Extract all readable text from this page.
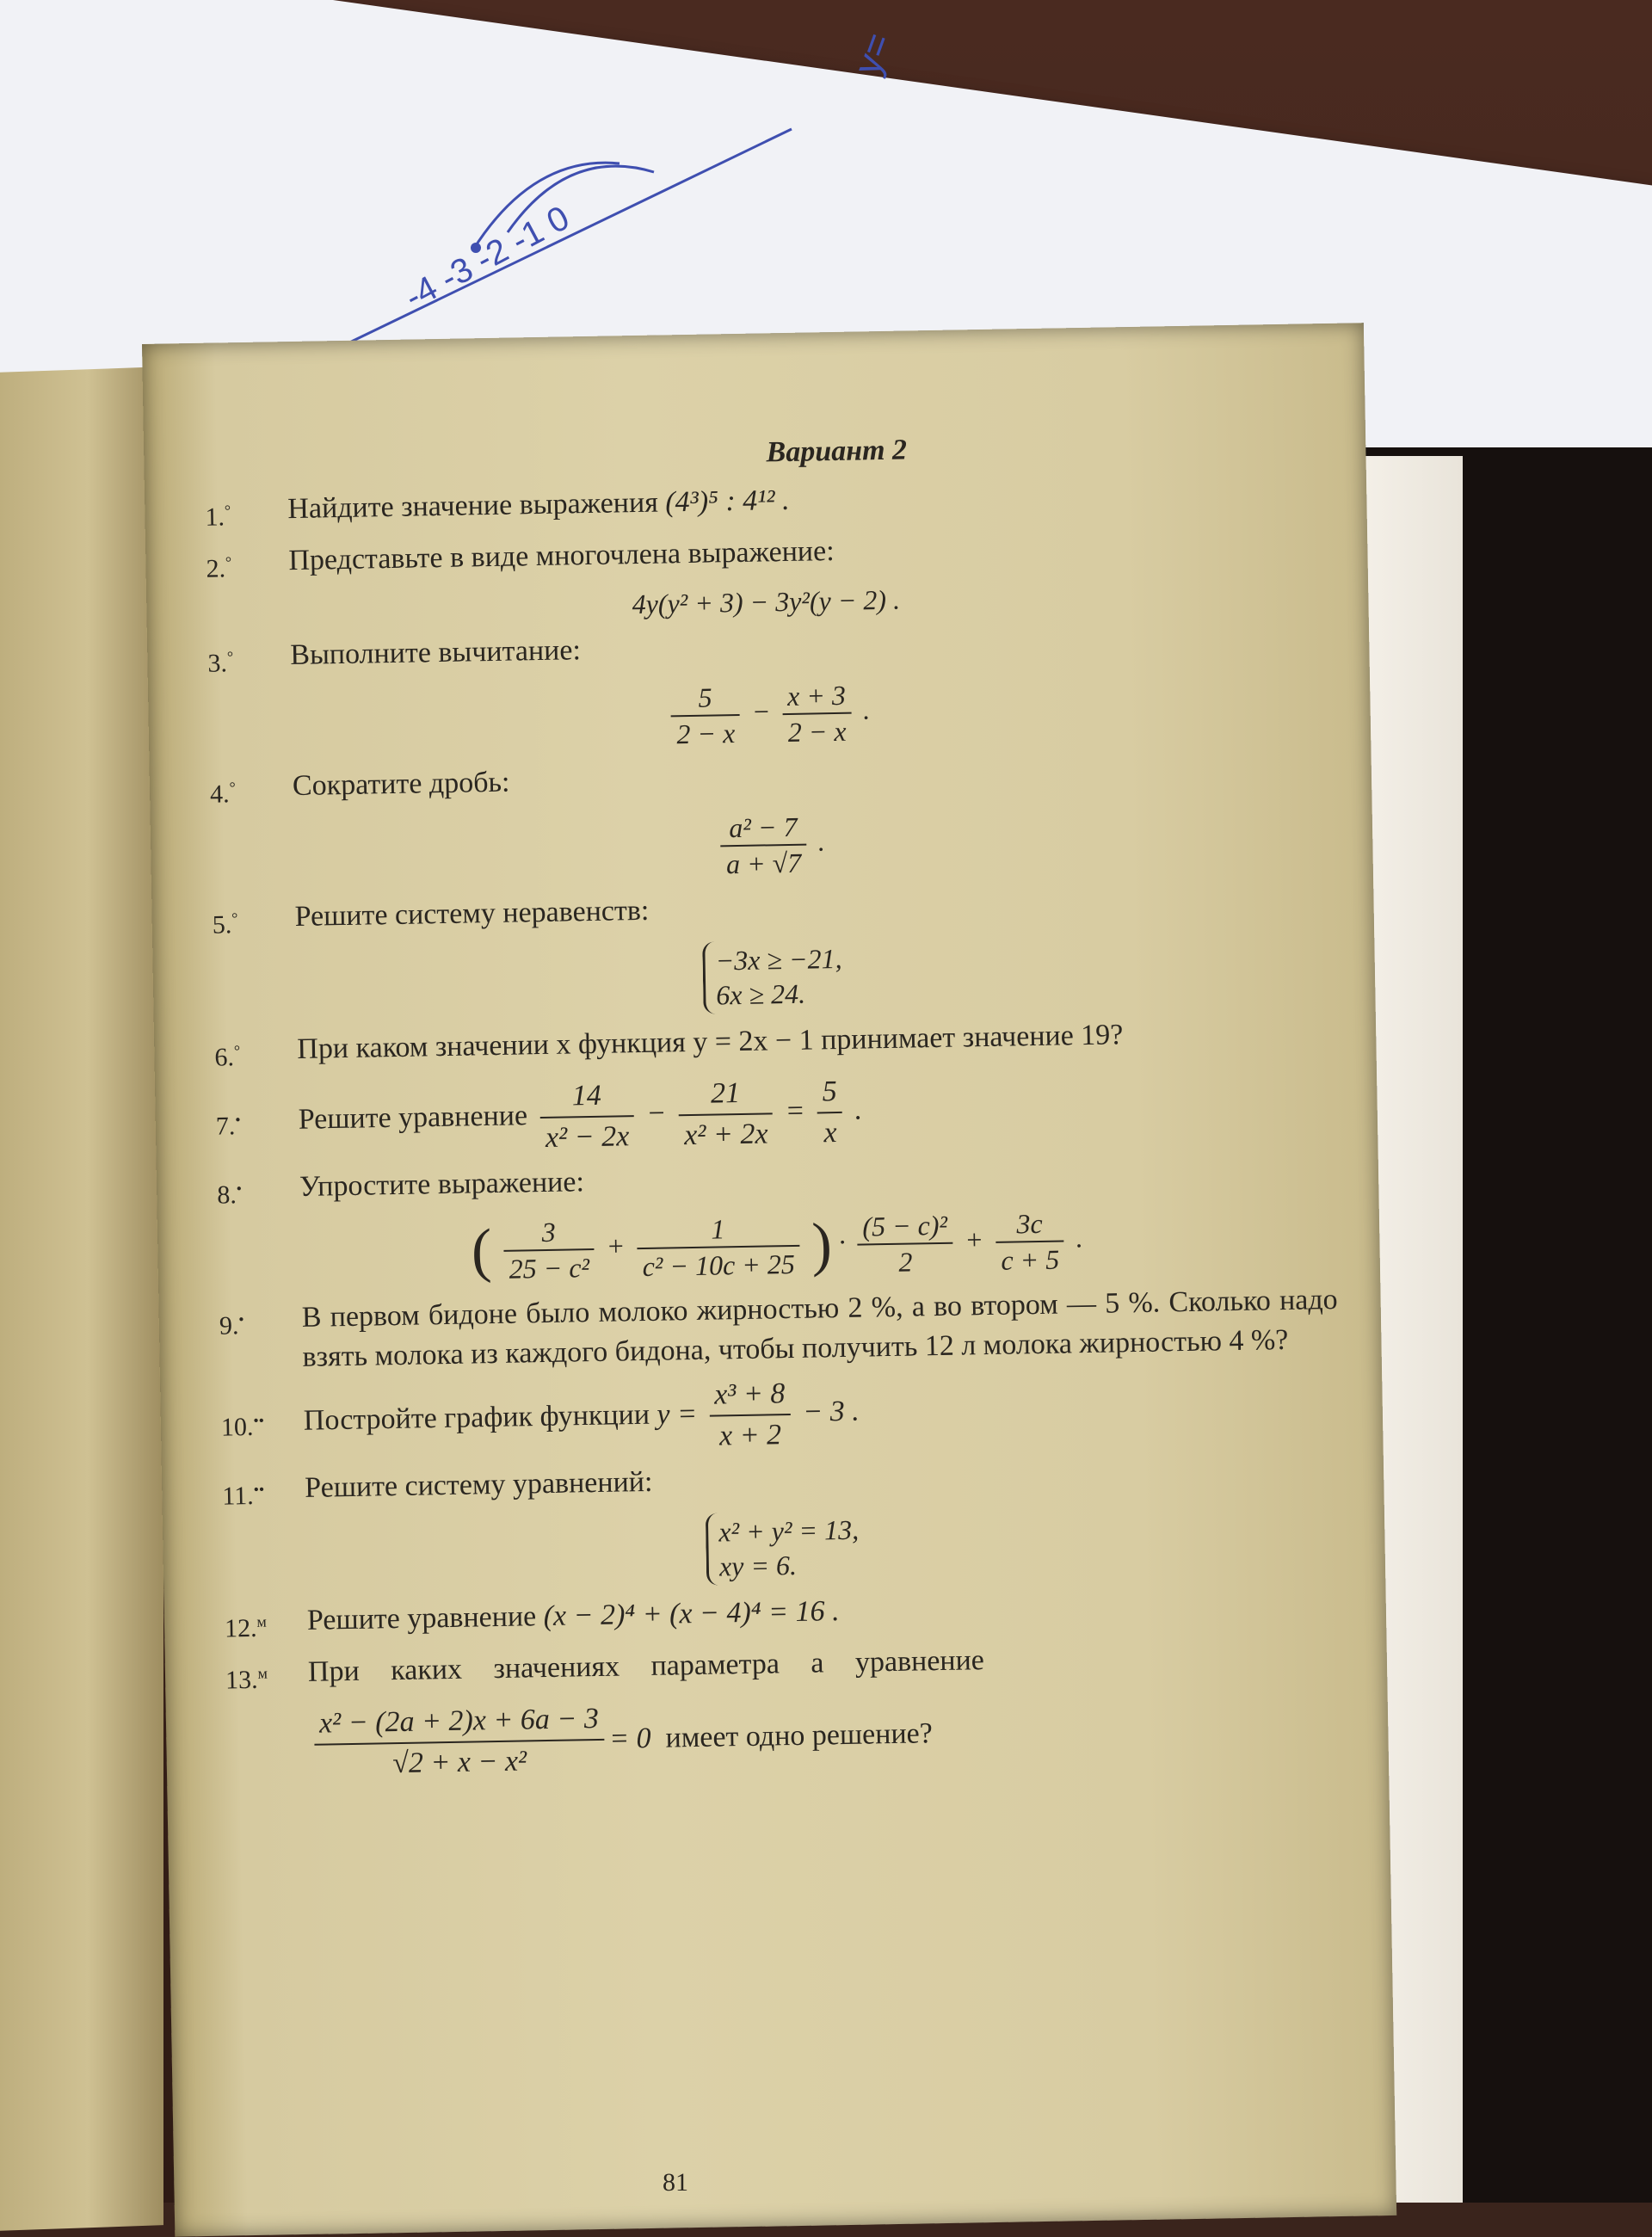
-4 -3 -2 -1 0
y=
Вариант 2
1.°	Найдите значение выражения (4³)⁵ : 4¹² .
2.°	Представьте в виде многочлена выражение:
4y(y² + 3) − 3y²(y − 2) .
3.°	Выполните вычитание:
$\frac{5}{2 - x} - \frac{x + 3}{2 - x}$ .
4.°	Сократите дробь:
$\frac{\text{a² − 7}}{a + √7}$ .
5.°	Решите систему неравенств:
−3x ≥ −21,
6x ≥ 24.
6.°	При каком значении x функция y = 2x − 1 принимает значение 19?
7.•	Решите уравнение $\frac{14}{\text{x² − 2x}} - \frac{21}{\text{x² + 2x}} = \frac{5}{x}$ .
8.•	Упростите выражение:
( $\frac{3}{\text{25 − c²}} + \frac{1}{\text{c² − 10c + 25}}$ ) · $\frac{\text{(5 − c)²}}{2} + \frac{3c}{c + 5}$ .
9.•	В первом бидоне было молоко жирностью 2 %, а во втором — 5 %. Сколько надо взять молока из каждого бидона, чтобы получить 12 л молока жирностью 4 %?
10.••	Постройте график функции $y = \frac{\text{x³ + 8}}{x + 2} - 3$ .
11.••	Решите систему уравнений:
x² + y² = 13,
xy = 6.
12.$^м$	Решите уравнение (x − 2)⁴ + (x − 4)⁴ = 16 .
13.$^м$	При каких значениях параметра a уравнение
$\frac{\text{x² − (2a + 2)x + 6a − 3}}{\text{√2 + x − x²}} = 0$
имеет одно решение?
81
